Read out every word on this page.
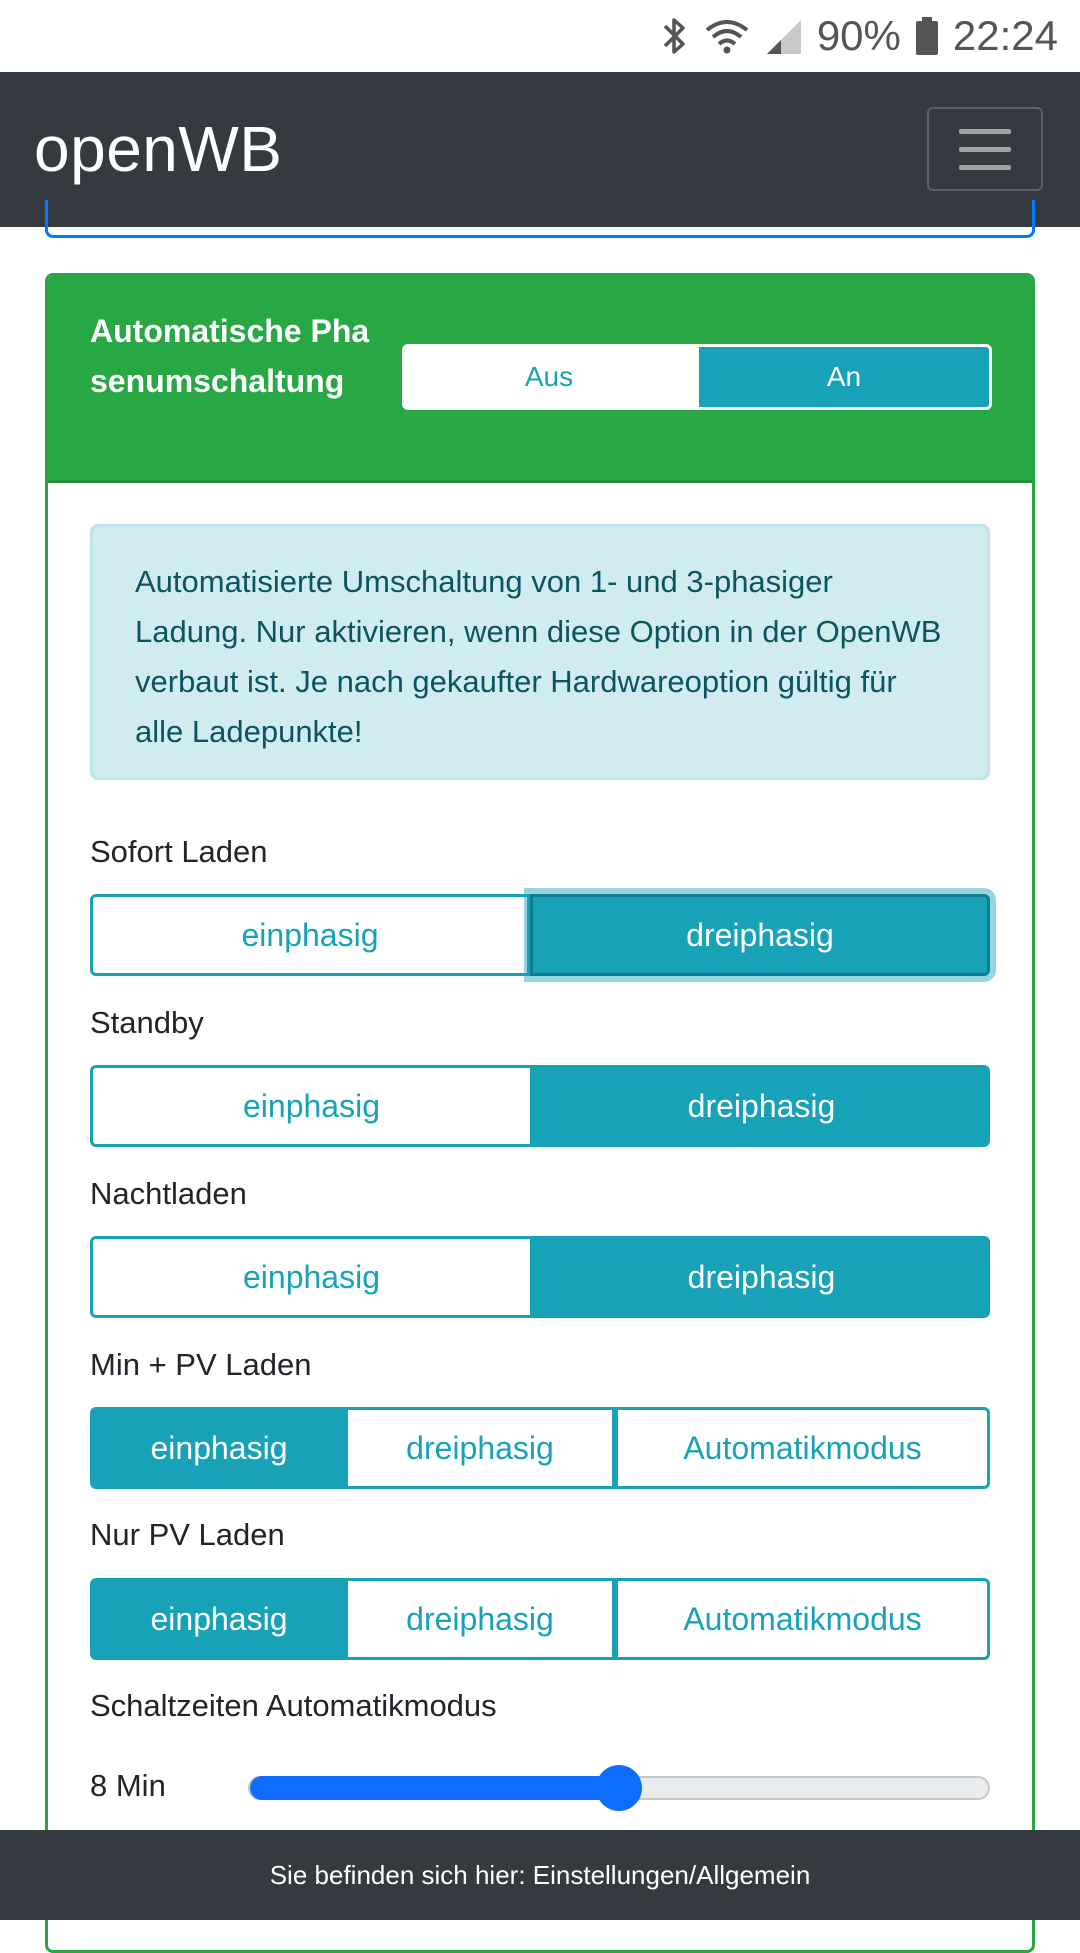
90% 22:24
openWB
Automatische Phasenumschaltung	Aus	An
Automatisierte Umschaltung von 1- und 3-phasiger Ladung. Nur aktivieren, wenn diese Option in der OpenWB verbaut ist. Je nach gekaufter Hardwareoption gültig für alle Ladepunkte!
Sofort Laden
einphasig	dreiphasig
Standby
einphasig	dreiphasig
Nachtladen
einphasig	dreiphasig
Min + PV Laden
einphasig	dreiphasig	Automatikmodus
Nur PV Laden
einphasig	dreiphasig	Automatikmodus
Schaltzeiten Automatikmodus
8 Min
Sie befinden sich hier: Einstellungen/Allgemein
